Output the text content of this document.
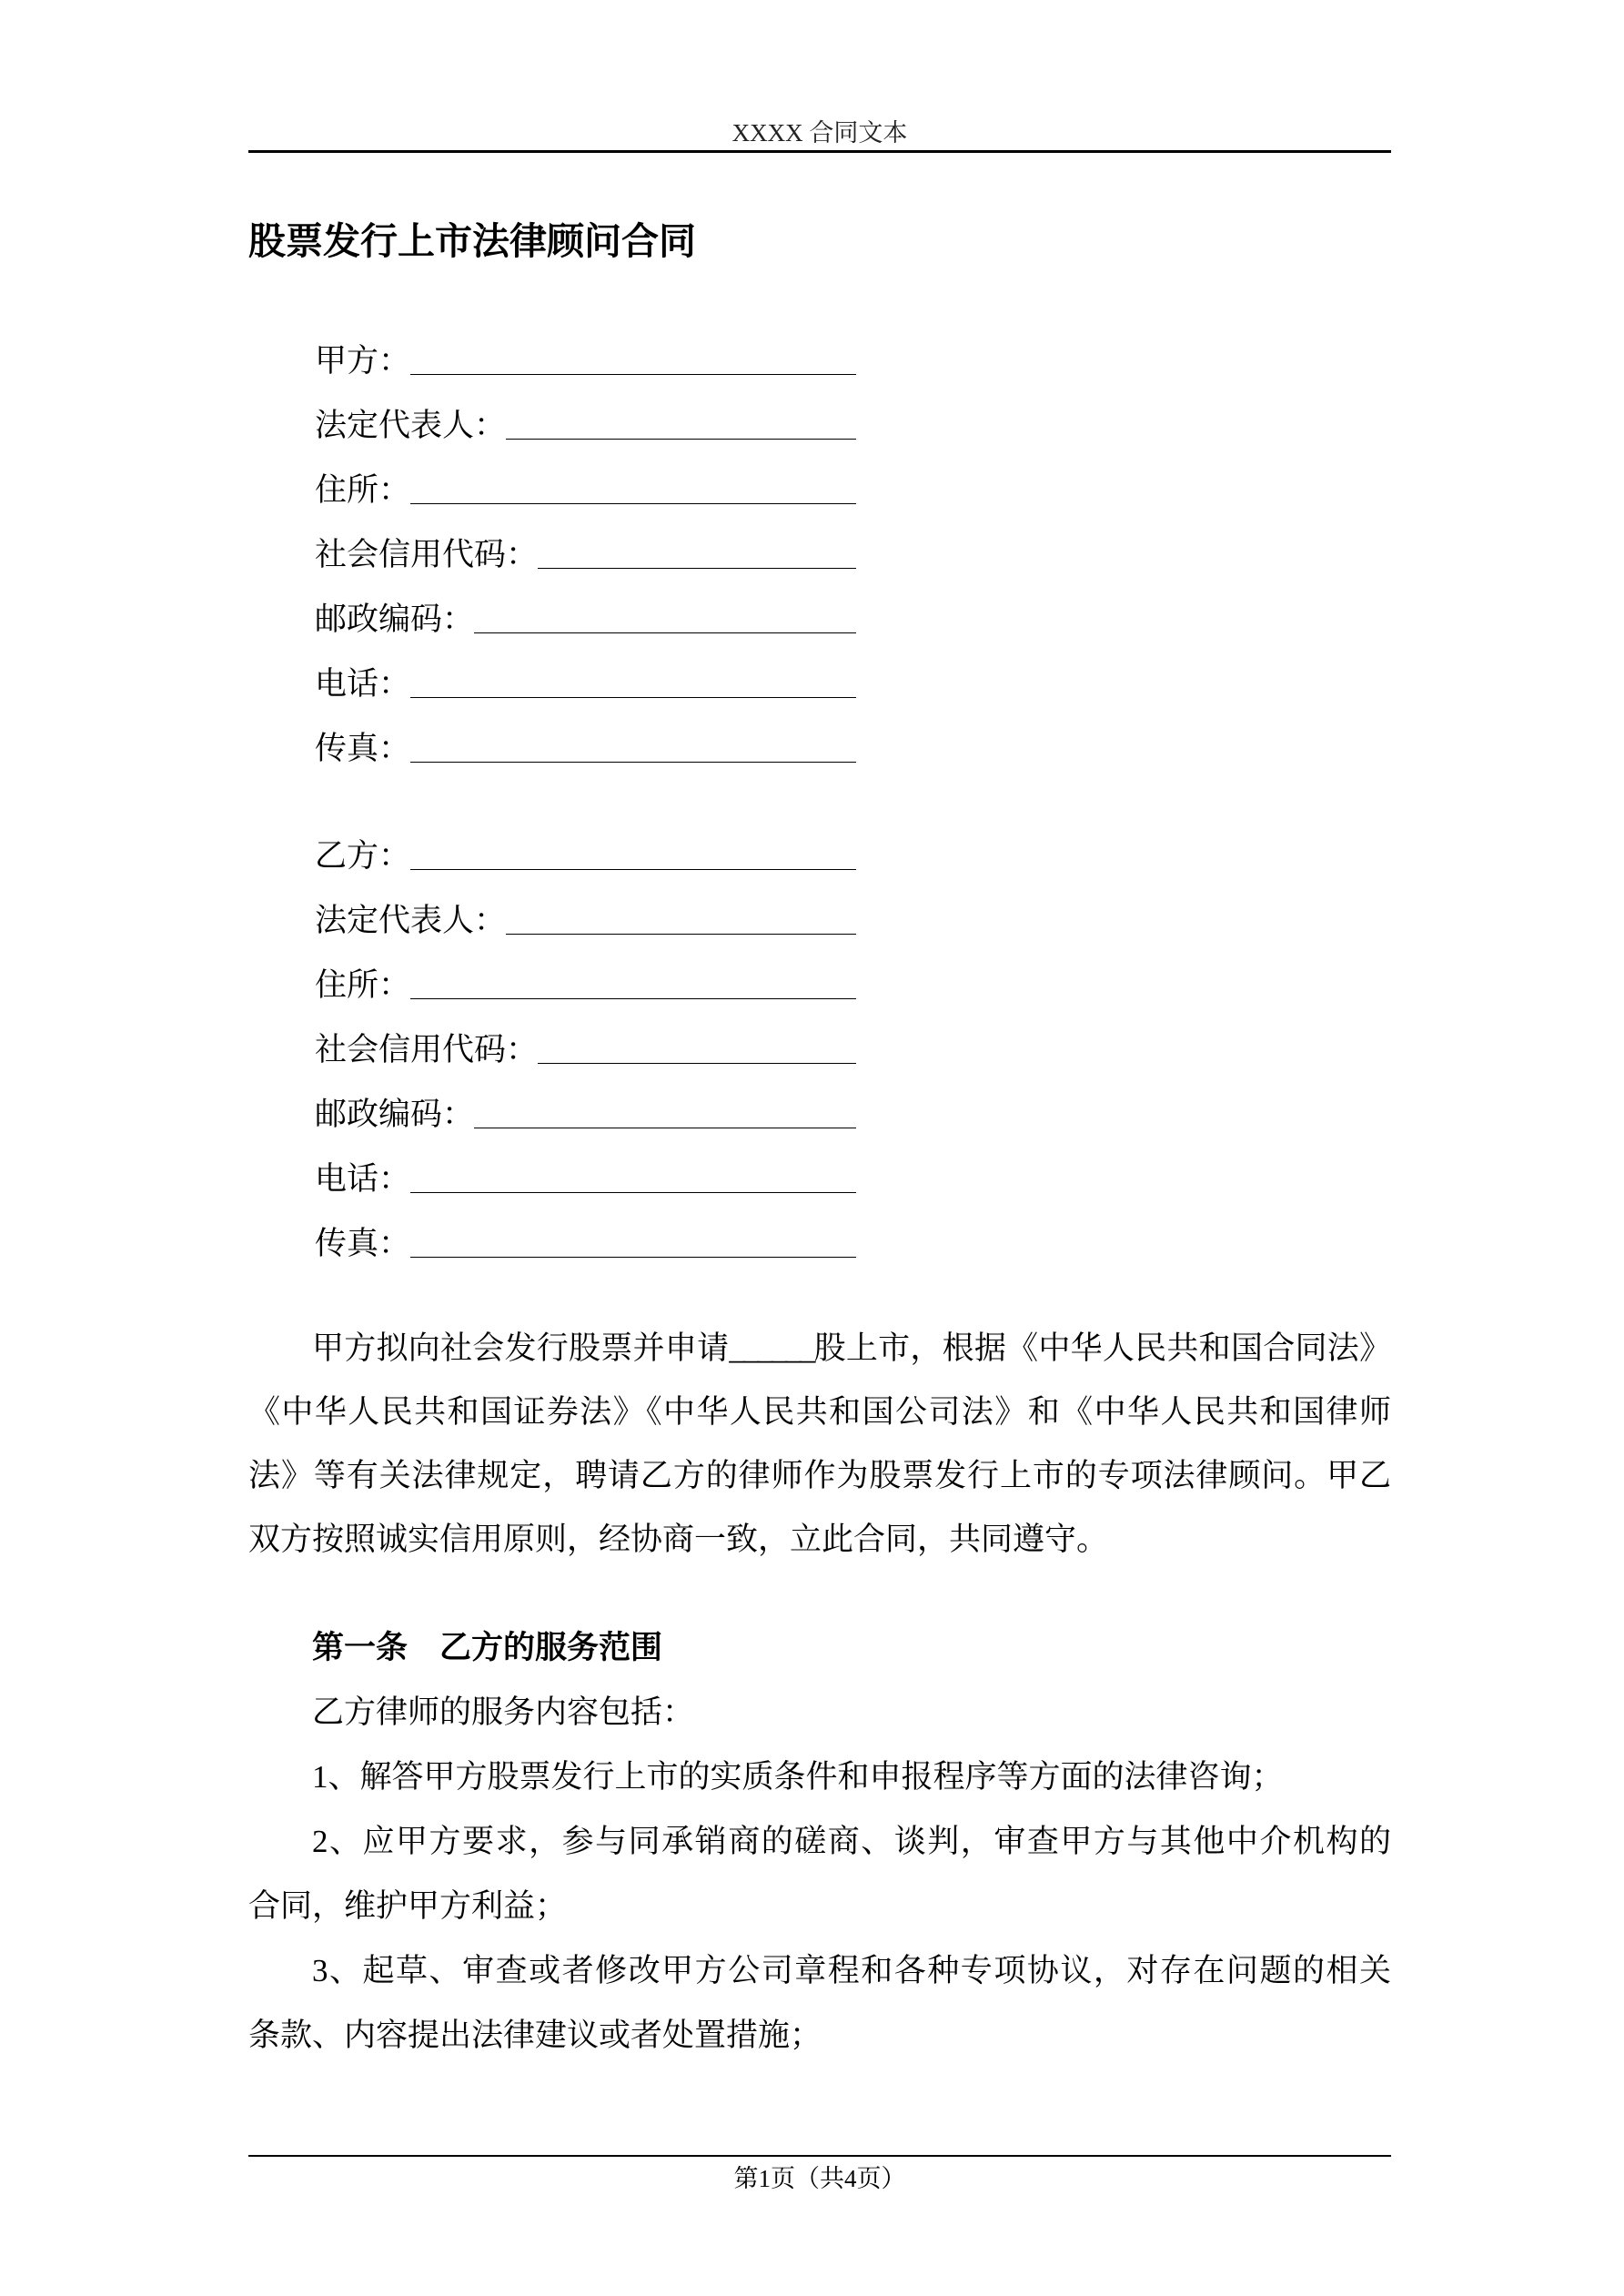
XXXX 合同文本
股票发行上市法律顾问合同
甲方：
法定代表人：
住所：
社会信用代码：
邮政编码：
电话：
传真：
乙方：
法定代表人：
住所：
社会信用代码：
邮政编码：
电话：
传真：
甲方拟向社会发行股票并申请______股上市，根据《中华人民共和国合同法》
《中华人民共和国证券法》《中华人民共和国公司法》和《中华人民共和国律师
法》等有关法律规定，聘请乙方的律师作为股票发行上市的专项法律顾问。甲乙
双方按照诚实信用原则，经协商一致，立此合同，共同遵守。
第一条　乙方的服务范围
乙方律师的服务内容包括：
1、解答甲方股票发行上市的实质条件和申报程序等方面的法律咨询；
2、应甲方要求，参与同承销商的磋商、谈判，审查甲方与其他中介机构的
合同，维护甲方利益；
3、起草、审查或者修改甲方公司章程和各种专项协议，对存在问题的相关
条款、内容提出法律建议或者处置措施；
第1页（共4页）
